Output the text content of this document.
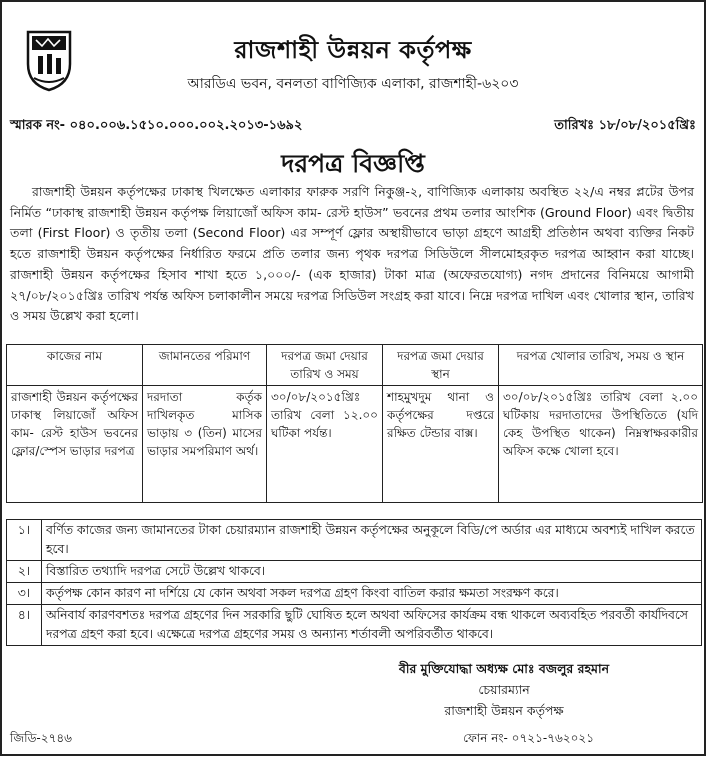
রাজশাহী উন্নয়ন কর্তৃপক্ষ
আরডিএ ভবন, বনলতা বাণিজ্যিক এলাকা, রাজশাহী-৬২০৩
স্মারক নং- ০৪০.০০৬.১৫১০.০০০.০০২.২০১৩-১৬৯২	তারিখঃ ১৮/০৮/২০১৫খ্রিঃ
দরপত্র বিজ্ঞপ্তি
রাজশাহী উন্নয়ন কর্তৃপক্ষের ঢাকাস্থ খিলক্ষেত এলাকার ফারুক সরণি নিকুঞ্জ-২, বাণিজ্যিক এলাকায় অবস্থিত ২২/এ নম্বর প্লটের উপর নির্মিত “ঢাকাস্থ রাজশাহী উন্নয়ন কর্তৃপক্ষ লিয়াজোঁ অফিস কাম- রেস্ট হাউস” ভবনের প্রথম তলার আংশিক (Ground Floor) এবং দ্বিতীয় তলা (First Floor) ও তৃতীয় তলা (Second Floor) এর সম্পূর্ণ ফ্লোর অস্থায়ীভাবে ভাড়া গ্রহণে আগ্রহী প্রতিষ্ঠান অথবা ব্যক্তির নিকট হতে রাজশাহী উন্নয়ন কর্তৃপক্ষের নির্ধারিত ফরমে প্রতি তলার জন্য পৃথক দরপত্র সিডিউলে সীলমোহরকৃত দরপত্র আহ্বান করা যাচ্ছে। রাজশাহী উন্নয়ন কর্তৃপক্ষের হিসাব শাখা হতে ১,০০০/- (এক হাজার) টাকা মাত্র (অফেরতযোগ্য) নগদ প্রদানের বিনিময়ে আগামী ২৭/০৮/২০১৫খ্রিঃ তারিখ পর্যন্ত অফিস চলাকালীন সময়ে দরপত্র সিডিউল সংগ্রহ করা যাবে। নিম্নে দরপত্র দাখিল এবং খোলার স্থান, তারিখ ও সময় উল্লেখ করা হলো।
কাজের নাম	জামানতের পরিমাণ	দরপত্র জমা দেয়ার তারিখ ও সময়	দরপত্র জমা দেয়ার স্থান	দরপত্র খোলার তারিখ, সময় ও স্থান
রাজশাহী উন্নয়ন কর্তৃপক্ষের ঢাকাস্থ লিয়াজোঁ অফিস কাম- রেস্ট হাউস ভবনের ফ্লোর/স্পেস ভাড়ার দরপত্র	দরদাতা কর্তৃক দাখিলকৃত মাসিক ভাড়ায় ৩ (তিন) মাসের ভাড়ার সমপরিমাণ অর্থ।	৩০/০৮/২০১৫খ্রিঃ তারিখ বেলা ১২.০০ ঘটিকা পর্যন্ত।	শাহমুখদুম থানা ও কর্তৃপক্ষের দপ্তরে রক্ষিত টেন্ডার বাক্স।	৩০/০৮/২০১৫খ্রিঃ তারিখ বেলা ২.০০ ঘটিকায় দরদাতাদের উপস্থিতিতে (যদি কেহ উপস্থিত থাকেন) নিম্নস্বাক্ষরকারীর অফিস কক্ষে খোলা হবে।
১।	বর্ণিত কাজের জন্য জামানতের টাকা চেয়ারম্যান রাজশাহী উন্নয়ন কর্তৃপক্ষের অনুকূলে বিডি/পে অর্ডার এর মাধ্যমে অবশ্যই দাখিল করতে হবে।
২।	বিস্তারিত তথ্যাদি দরপত্র সেটে উল্লেখ থাকবে।
৩।	কর্তৃপক্ষ কোন কারণ না দর্শিয়ে যে কোন অথবা সকল দরপত্র গ্রহণ কিংবা বাতিল করার ক্ষমতা সংরক্ষণ করে।
৪।	অনিবার্য কারণবশতঃ দরপত্র গ্রহণের দিন সরকারি ছুটি ঘোষিত হলে অথবা অফিসের কার্যক্রম বন্ধ থাকলে অব্যবহিত পরবর্তী কার্যদিবসে দরপত্র গ্রহণ করা হবে। এক্ষেত্রে দরপত্র গ্রহণের সময় ও অন্যান্য শর্তাবলী অপরিবর্তীত থাকবে।
বীর মুক্তিযোদ্ধা অধ্যক্ষ মোঃ বজলুর রহমান
চেয়ারম্যান
রাজশাহী উন্নয়ন কর্তৃপক্ষ
জিডি-২৭৪৬	ফোন নং- ০৭২১-৭৬২০২১
